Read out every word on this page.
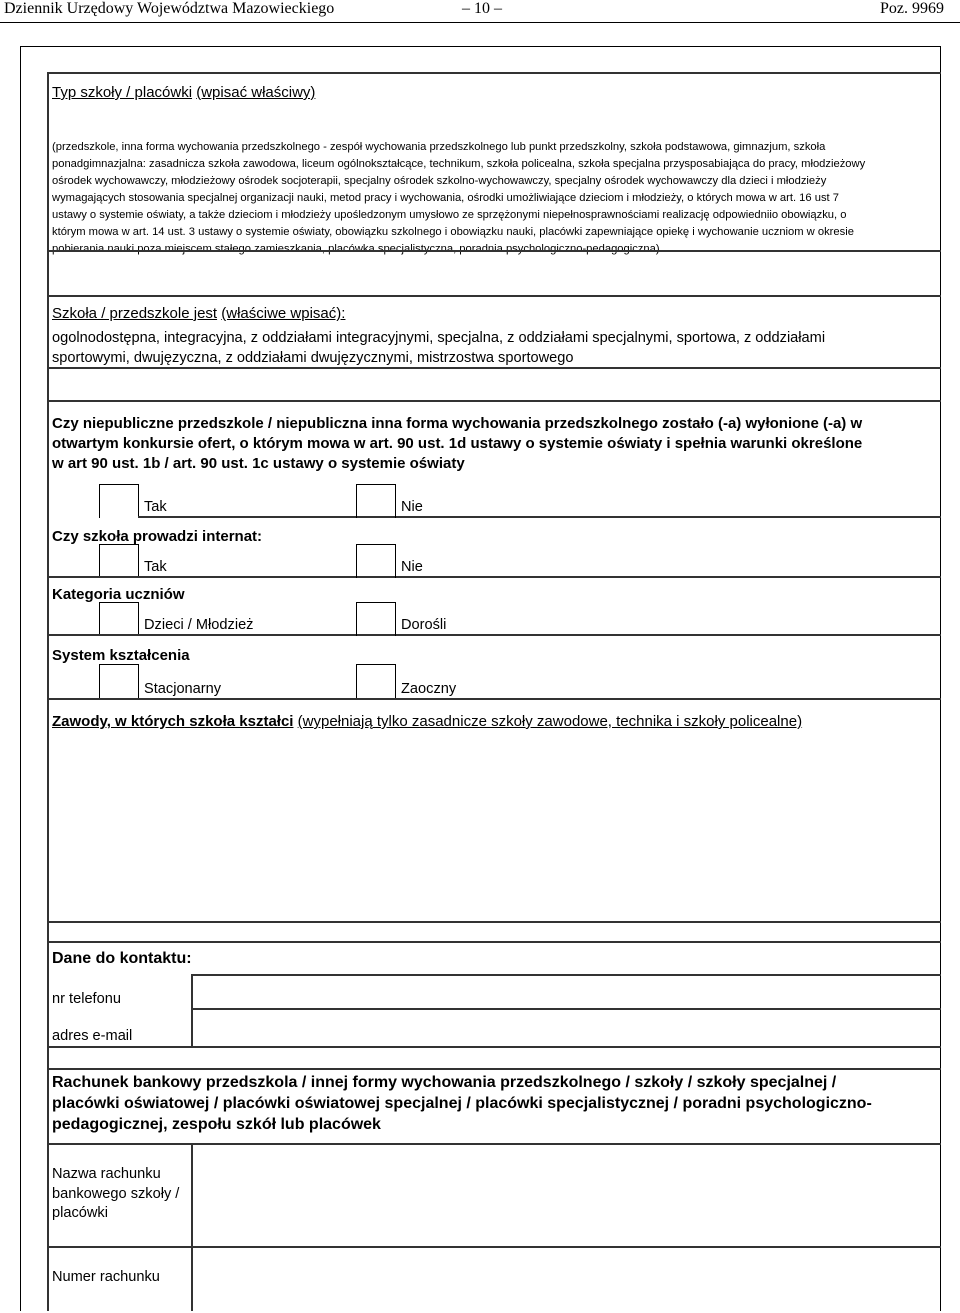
Dziennik Urzędowy Województwa Mazowieckiego	– 10 –	Poz. 9969
Typ szkoły / placówki (wpisać właściwy)
(przedszkole, inna forma wychowania przedszkolnego - zespół wychowania przedszkolnego lub punkt przedszkolny, szkoła podstawowa, gimnazjum, szkoła
ponadgimnazjalna: zasadnicza szkoła zawodowa, liceum ogólnokształcące, technikum, szkoła policealna, szkoła specjalna przysposabiająca do pracy, młodzieżowy
ośrodek wychowawczy, młodzieżowy ośrodek socjoterapii, specjalny ośrodek szkolno-wychowawczy, specjalny ośrodek wychowawczy dla dzieci i młodzieży
wymagających stosowania specjalnej organizacji nauki, metod pracy i wychowania, ośrodki umożliwiające dzieciom i młodzieży, o których mowa w art. 16 ust 7
ustawy o systemie oświaty, a także dzieciom i młodzieży upośledzonym umysłowo ze sprzężonymi niepełnosprawnościami realizację odpowiedniio obowiązku, o
którym mowa w art. 14 ust. 3 ustawy o systemie oświaty, obowiązku szkolnego i obowiązku nauki, placówki zapewniające opiekę i wychowanie uczniom w okresie
pobierania nauki poza miejscem stałego zamieszkania, placówka specjalistyczna, poradnia psychologiczno-pedagogiczna)
Szkoła / przedszkole jest (właściwe wpisać):
ogolnodostępna, integracyjna, z oddziałami integracyjnymi, specjalna, z oddziałami specjalnymi, sportowa, z oddziałami
sportowymi, dwujęzyczna, z oddziałami dwujęzycznymi, mistrzostwa sportowego
Czy niepubliczne przedszkole / niepubliczna inna forma wychowania przedszkolnego zostało (-a) wyłonione (-a) w
otwartym konkursie ofert, o którym mowa w art. 90 ust. 1d ustawy o systemie oświaty i spełnia warunki określone
w art 90 ust. 1b / art. 90 ust. 1c ustawy o systemie oświaty
Tak	Nie
Czy szkoła prowadzi internat:
Tak	Nie
Kategoria uczniów
Dzieci / Młodzież	Dorośli
System kształcenia
Stacjonarny	Zaoczny
Zawody, w których szkoła kształci (wypełniają tylko zasadnicze szkoły zawodowe, technika i szkoły policealne)
Dane do kontaktu:
nr telefonu
adres e-mail
Rachunek bankowy przedszkola / innej formy wychowania przedszkolnego / szkoły / szkoły specjalnej /
placówki oświatowej / placówki oświatowej specjalnej / placówki specjalistycznej / poradni psychologiczno-
pedagogicznej, zespołu szkół lub placówek
Nazwa rachunku
bankowego szkoły /
placówki
Numer rachunku
